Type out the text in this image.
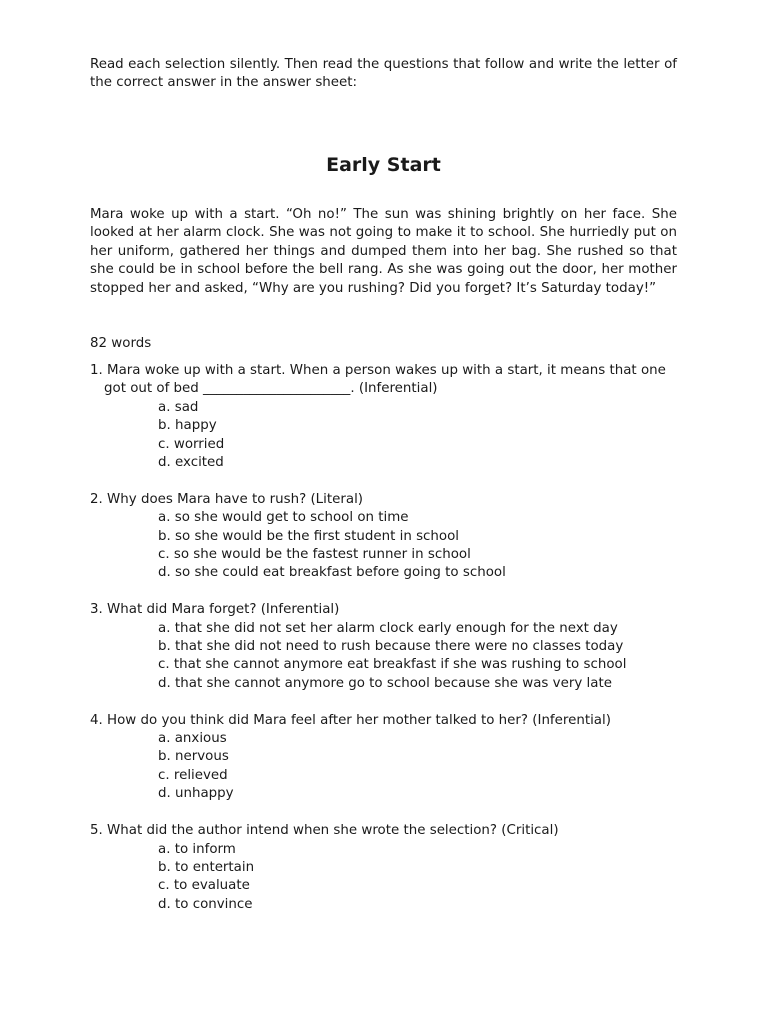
Read each selection silently. Then read the questions that follow and write the letter of the correct answer in the answer sheet:

Early Start

Mara woke up with a start. “Oh no!” The sun was shining brightly on her face. She looked at her alarm clock. She was not going to make it to school. She hurriedly put on her uniform, gathered her things and dumped them into her bag. She rushed so that she could be in school before the bell rang. As she was going out the door, her mother stopped her and asked, “Why are you rushing? Did you forget? It’s Saturday today!”

82 words

1. Mara woke up with a start. When a person wakes up with a start, it means that one

got out of bed ______________________. (Inferential)

a. sad
b. happy
c. worried
d. excited

2. Why does Mara have to rush? (Literal)

a. so she would get to school on time
b. so she would be the first student in school
c. so she would be the fastest runner in school
d. so she could eat breakfast before going to school

3. What did Mara forget? (Inferential)

a. that she did not set her alarm clock early enough for the next day
b. that she did not need to rush because there were no classes today
c. that she cannot anymore eat breakfast if she was rushing to school
d. that she cannot anymore go to school because she was very late

4. How do you think did Mara feel after her mother talked to her? (Inferential)

a. anxious
b. nervous
c. relieved
d. unhappy

5. What did the author intend when she wrote the selection? (Critical)

a. to inform
b. to entertain
c. to evaluate
d. to convince
